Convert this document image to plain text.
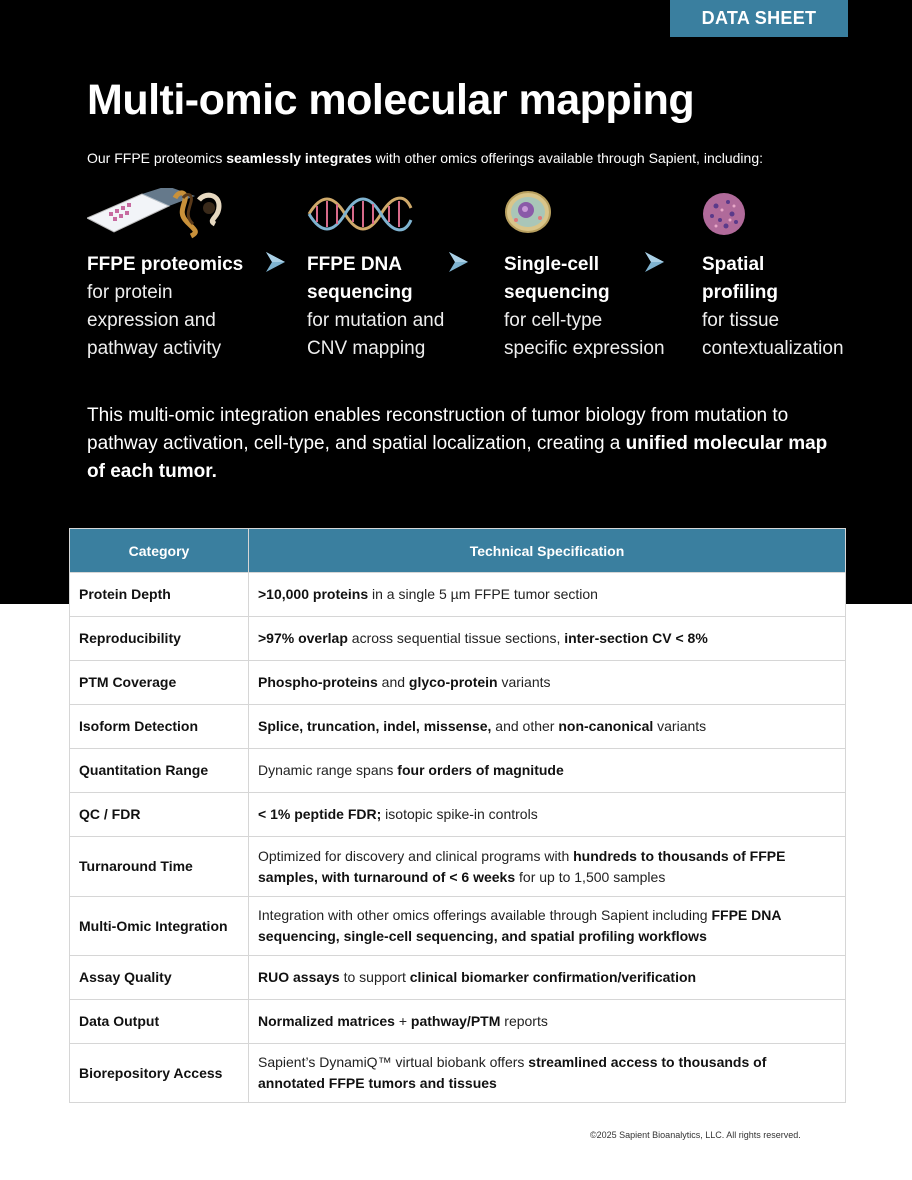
DATA SHEET
Multi-omic molecular mapping

Our FFPE proteomics seamlessly integrates with other omics offerings available through Sapient, including:

FFPE proteomics
for protein
expression and
pathway activity
FFPE DNA
sequencing
for mutation and
CNV mapping
Single-cell
sequencing
for cell-type
specific expression
Spatial
profiling
for tissue
contextualization

This multi-omic integration enables reconstruction of tumor biology from mutation to pathway activation, cell-type, and spatial localization, creating a unified molecular map of each tumor.

Category	Technical Specification
Protein Depth	>10,000 proteins in a single 5 µm FFPE tumor section
Reproducibility	>97% overlap across sequential tissue sections, inter-section CV < 8%
PTM Coverage	Phospho-proteins and glyco-protein variants
Isoform Detection	Splice, truncation, indel, missense, and other non-canonical variants
Quantitation Range	Dynamic range spans four orders of magnitude
QC / FDR	< 1% peptide FDR; isotopic spike-in controls
Turnaround Time	Optimized for discovery and clinical programs with hundreds to thousands of FFPE samples, with turnaround of < 6 weeks for up to 1,500 samples
Multi-Omic Integration	Integration with other omics offerings available through Sapient including FFPE DNA sequencing, single-cell sequencing, and spatial profiling workflows
Assay Quality	RUO assays to support clinical biomarker confirmation/verification
Data Output	Normalized matrices + pathway/PTM reports
Biorepository Access	Sapient’s DynamiQ™ virtual biobank offers streamlined access to thousands of annotated FFPE tumors and tissues
©2025 Sapient Bioanalytics, LLC. All rights reserved.
